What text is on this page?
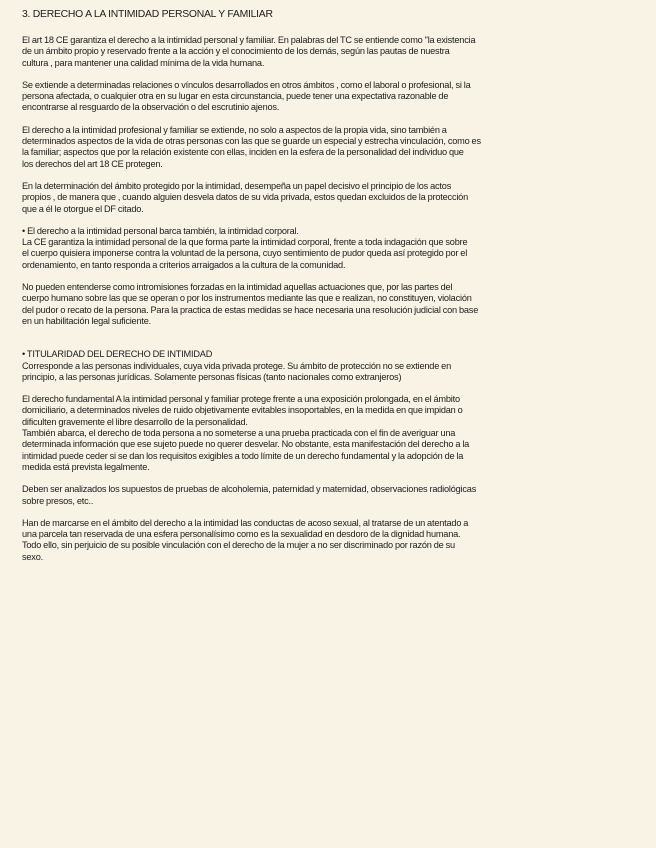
3. DERECHO A LA INTIMIDAD PERSONAL Y FAMILIAR

El art 18 CE garantiza el derecho a la intimidad personal y familiar. En palabras del TC se entiende como "la existencia
de un ámbito propio y reservado frente a la acción y el conocimiento de los demás, según las pautas de nuestra
cultura , para mantener una calidad mínima de la vida humana.

Se extiende a determinadas relaciones o vínculos desarrollados en otros ámbitos , como el laboral o profesional, si la
persona afectada, o cualquier otra en su lugar en esta circunstancia, puede tener una expectativa razonable de
encontrarse al resguardo de la observación o del escrutinio ajenos.

El derecho a la intimidad profesional y familiar se extiende, no solo a aspectos de la propia vida, sino también a
determinados aspectos de la vida de otras personas con las que se guarde un especial y estrecha vinculación, como es
la familiar; aspectos que por la relación existente con ellas, inciden en la esfera de la personalidad del individuo que
los derechos del art 18 CE protegen.

En la determinación del ámbito protegido por la intimidad, desempeña un papel decisivo el principio de los actos
propios , de manera que , cuando alguien desvela datos de su vida privada, estos quedan excluidos de la protección
que a él le otorgue el DF citado.

• El derecho a la intimidad personal barca también, la intimidad corporal.
La CE garantiza la intimidad personal de la que forma parte la intimidad corporal, frente a toda indagación que sobre
el cuerpo quisiera imponerse contra la voluntad de la persona, cuyo sentimiento de pudor queda así protegido por el
ordenamiento, en tanto responda a criterios arraigados a la cultura de la comunidad.

No pueden entenderse como intromisiones forzadas en la intimidad aquellas actuaciones que, por las partes del
cuerpo humano sobre las que se operan o por los instrumentos mediante las que e realizan, no constituyen, violación
del pudor o recato de la persona. Para la practica de estas medidas se hace necesaria una resolución judicial con base
en un habilitación legal suficiente.

• TITULARIDAD DEL DERECHO DE INTIMIDAD
Corresponde a las personas individuales, cuya vida privada protege. Su ámbito de protección no se extiende en
principio, a las personas jurídicas. Solamente personas físicas (tanto nacionales como extranjeros)

El derecho fundamental A la intimidad personal y familiar protege frente a una exposición prolongada, en el ámbito
domiciliario, a determinados niveles de ruido objetivamente evitables insoportables, en la medida en que impidan o
dificulten gravemente el libre desarrollo de la personalidad.
También abarca, el derecho de toda persona a no someterse a una prueba practicada con el fin de averiguar una
determinada información que ese sujeto puede no querer desvelar. No obstante, esta manifestación del derecho a la
intimidad puede ceder si se dan los requisitos exigibles a todo límite de un derecho fundamental y la adopción de la
medida está prevista legalmente.

Deben ser analizados los supuestos de pruebas de alcoholemia, paternidad y maternidad, observaciones radiológicas
sobre presos, etc..

Han de marcarse en el ámbito del derecho a la intimidad las conductas de acoso sexual, al tratarse de un atentado a
una parcela tan reservada de una esfera personalísimo como es la sexualidad en desdoro de la dignidad humana.
Todo ello, sin perjuicio de su posible vinculación con el derecho de la mujer a no ser discriminado por razón de su
sexo.
